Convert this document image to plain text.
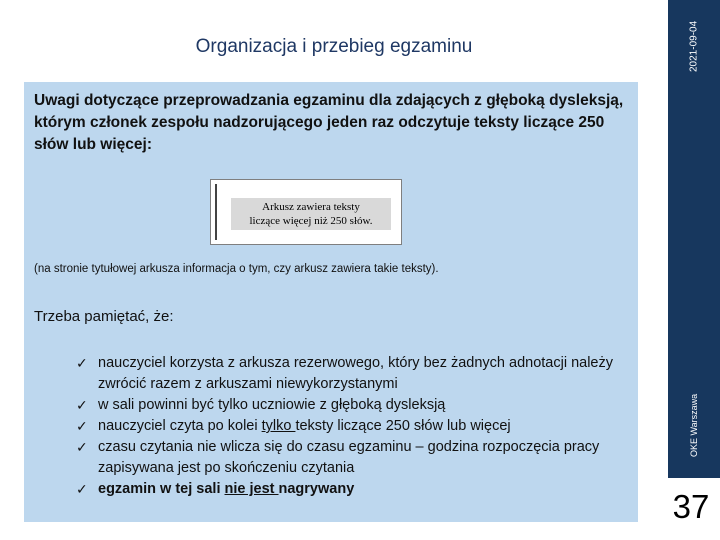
Organizacja i przebieg egzaminu	2021-09-04
OKE Warszawa
37
Uwagi dotyczące przeprowadzania egzaminu dla zdających z głęboką dysleksją, którym członek zespołu nadzorującego jeden raz odczytuje teksty liczące 250 słów lub więcej:
Arkusz zawiera teksty
liczące więcej niż 250 słów.
(na stronie tytułowej arkusza informacja o tym, czy arkusz zawiera takie teksty).
Trzeba pamiętać, że:
✓ nauczyciel korzysta z arkusza rezerwowego, który bez żadnych adnotacji należy zwrócić razem z arkuszami niewykorzystanymi
✓ w sali powinni być tylko uczniowie z głęboką dysleksją
✓ nauczyciel czyta po kolei tylko teksty liczące 250 słów lub więcej
✓ czasu czytania nie wlicza się do czasu egzaminu – godzina rozpoczęcia pracy zapisywana jest po skończeniu czytania
✓ egzamin w tej sali nie jest nagrywany
